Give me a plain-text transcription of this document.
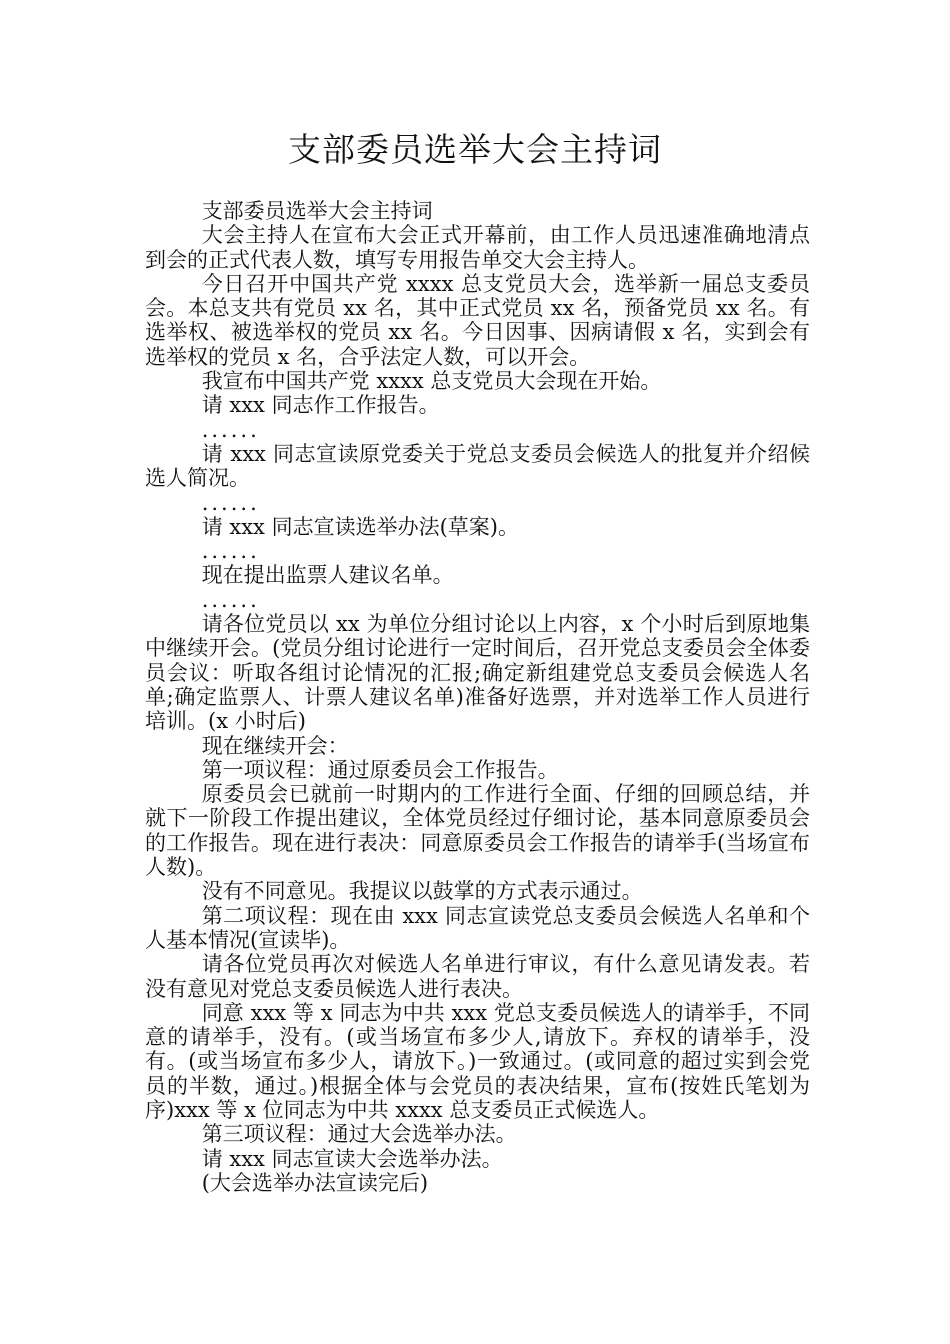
支部委员选举大会主持词

支部委员选举大会主持词

大会主持人在宣布大会正式开幕前，由工作人员迅速准确地清点到会的正式代表人数，填写专用报告单交大会主持人。

今日召开中国共产党 xxxx 总支党员大会，选举新一届总支委员会。本总支共有党员 xx 名，其中正式党员 xx 名，预备党员 xx 名。有选举权、被选举权的党员 xx 名。今日因事、因病请假 x 名，实到会有选举权的党员 x 名，合乎法定人数，可以开会。

我宣布中国共产党 xxxx 总支党员大会现在开始。

请 xxx 同志作工作报告。

......

请 xxx 同志宣读原党委关于党总支委员会候选人的批复并介绍候选人简况。

......

请 xxx 同志宣读选举办法(草案)。

......

现在提出监票人建议名单。

......

请各位党员以 xx 为单位分组讨论以上内容，x 个小时后到原地集中继续开会。(党员分组讨论进行一定时间后，召开党总支委员会全体委员会议：听取各组讨论情况的汇报;确定新组建党总支委员会候选人名单;确定监票人、计票人建议名单)准备好选票，并对选举工作人员进行培训。(x 小时后)

现在继续开会：

第一项议程：通过原委员会工作报告。

原委员会已就前一时期内的工作进行全面、仔细的回顾总结，并就下一阶段工作提出建议，全体党员经过仔细讨论，基本同意原委员会的工作报告。现在进行表决：同意原委员会工作报告的请举手(当场宣布人数)。

没有不同意见。我提议以鼓掌的方式表示通过。

第二项议程：现在由 xxx 同志宣读党总支委员会候选人名单和个人基本情况(宣读毕)。

请各位党员再次对候选人名单进行审议，有什么意见请发表。若没有意见对党总支委员候选人进行表决。

同意 xxx 等 x 同志为中共 xxx 党总支委员候选人的请举手，不同意的请举手，没有。(或当场宣布多少人,请放下。弃权的请举手，没有。(或当场宣布多少人，请放下。)一致通过。(或同意的超过实到会党员的半数，通过。)根据全体与会党员的表决结果，宣布(按姓氏笔划为序)xxx 等 x 位同志为中共 xxxx 总支委员正式候选人。

第三项议程：通过大会选举办法。

请 xxx 同志宣读大会选举办法。

(大会选举办法宣读完后)
